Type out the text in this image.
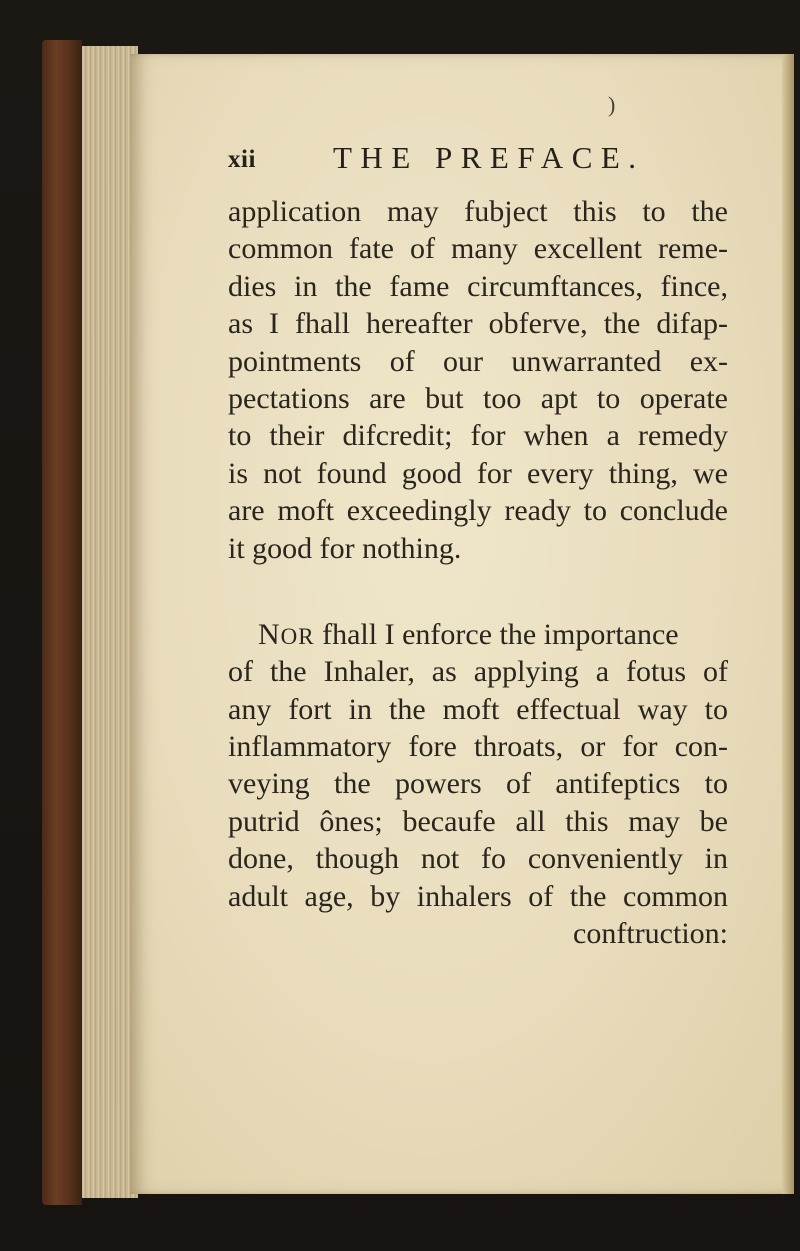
)
xii THE PREFACE.
application may fubject this to the
common fate of many excellent reme-
dies in the fame circumftances, fince,
as I fhall hereafter obferve, the difap-
pointments of our unwarranted ex-
pectations are but too apt to operate
to their difcredit; for when a remedy
is not found good for every thing, we
are moft exceedingly ready to conclude
it good for nothing.
NOR fhall I enforce the importance
of the Inhaler, as applying a fotus of
any fort in the moft effectual way to
inflammatory fore throats, or for con-
veying the powers of antifeptics to
putrid ônes; becaufe all this may be
done, though not fo conveniently in
adult age, by inhalers of the common
conftruction:
